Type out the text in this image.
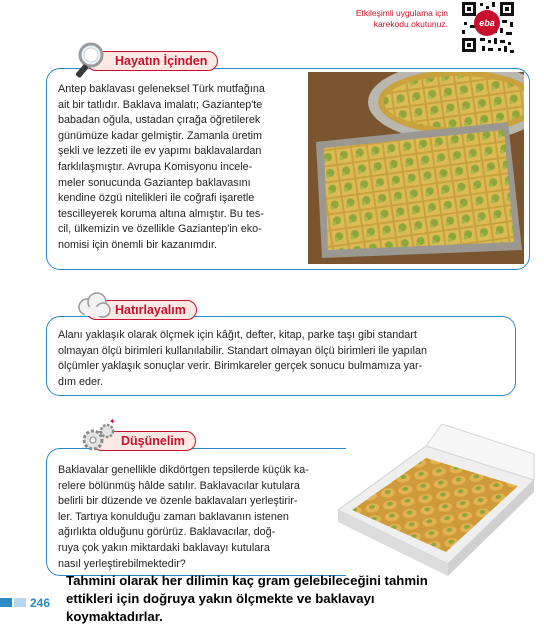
Etkileşimli uygulama için
karekodu okutunuz.	eba
Hayatın İçinden
Antep baklavası geleneksel Türk mutfağına
ait bir tatlıdır. Baklava imalatı; Gaziantep'te
babadan oğula, ustadan çırağa öğretilerek
günümüze kadar gelmiştir. Zamanla üretim
şekli ve lezzeti ile ev yapımı baklavalardan
farklılaşmıştır. Avrupa Komisyonu incele-
meler sonucunda Gaziantep baklavasını
kendine özgü nitelikleri ile coğrafi işaretle
tescilleyerek koruma altına almıştır. Bu tes-
cil, ülkemizin ve özellikle Gaziantep'in eko-
nomisi için önemli bir kazanımdır.
Hatırlayalım
Alanı yaklaşık olarak ölçmek için kâğıt, defter, kitap, parke taşı gibi standart
olmayan ölçü birimleri kullanılabilir. Standart olmayan ölçü birimleri ile yapılan
ölçümler yaklaşık sonuçlar verir. Birimkareler gerçek sonucu bulmamıza yar-
dım eder.
✦
Düşünelim
Baklavalar genellikle dikdörtgen tepsilerde küçük ka-
relere bölünmüş hâlde satılır. Baklavacılar kutulara
belirli bir düzende ve özenle baklavaları yerleştirir-
ler. Tartıya konulduğu zaman baklavanın istenen
ağırlıkta olduğunu görürüz. Baklavacılar, doğ-
ruya çok yakın miktardaki baklavayı kutulara
nasıl yerleştirebilmektedir?
Tahmini olarak her dilimin kaç gram gelebileceğini tahmin
ettikleri için doğruya yakın ölçmekte ve baklavayı
koymaktadırlar.
246
